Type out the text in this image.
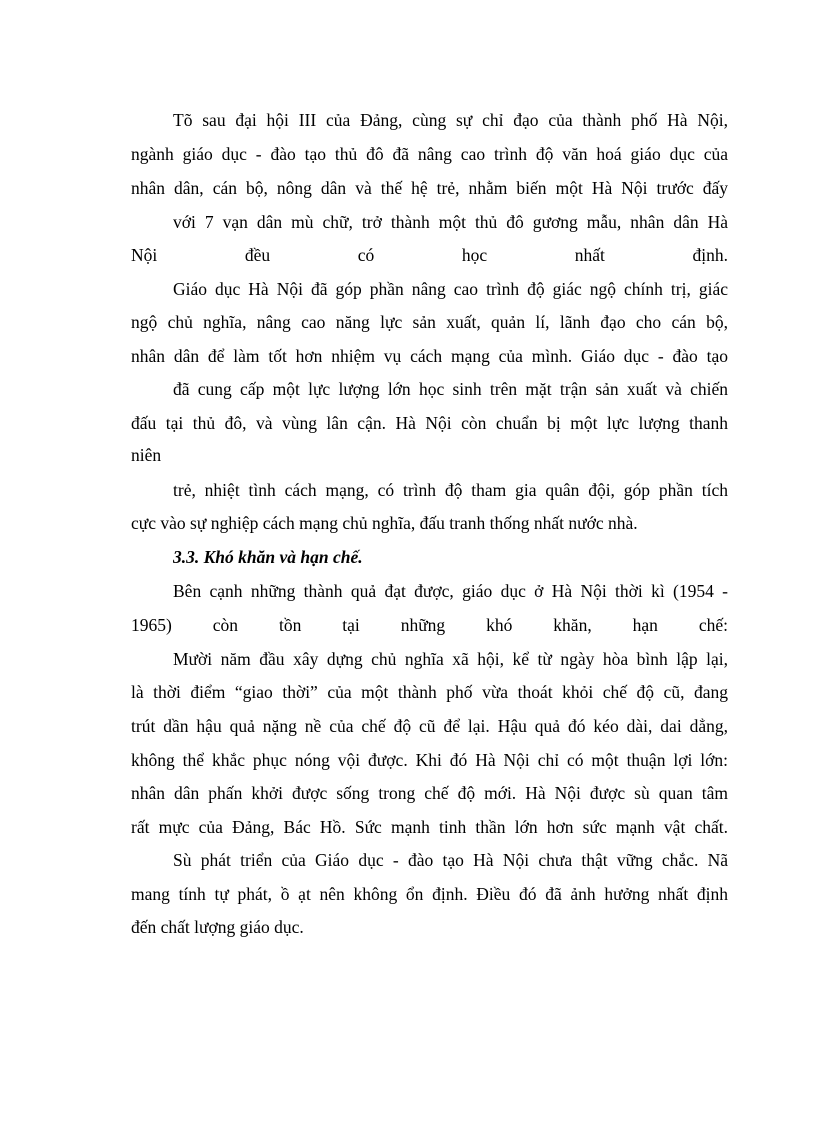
Tõ sau đại hội III của Đảng, cùng sự chỉ đạo của thành phố Hà Nội,
ngành giáo dục - đào tạo thủ đô đã nâng cao trình độ văn hoá giáo dục của
nhân dân, cán bộ, nông dân và thế hệ trẻ, nhằm biến một Hà Nội trước đấy
với 7 vạn dân mù chữ, trở thành một thủ đô gương mẫu, nhân dân Hà
Nội đều có học nhất định.
Giáo dục Hà Nội đã góp phần nâng cao trình độ giác ngộ chính trị, giác
ngộ chủ nghĩa, nâng cao năng lực sản xuất, quản lí, lãnh đạo cho cán bộ,
nhân dân để làm tốt hơn nhiệm vụ cách mạng của mình. Giáo dục - đào tạo
đã cung cấp một lực lượng lớn học sinh trên mặt trận sản xuất và chiến
đấu tại thủ đô, và vùng lân cận. Hà Nội còn chuẩn bị một lực lượng thanh
niên
trẻ, nhiệt tình cách mạng, có trình độ tham gia quân đội, góp phần tích
cực vào sự nghiệp cách mạng chủ nghĩa, đấu tranh thống nhất nước nhà.
3.3. Khó khăn và hạn chế.
Bên cạnh những thành quả đạt được, giáo dục ở Hà Nội thời kì (1954 -
1965) còn tồn tại những khó khăn, hạn chế:
Mười năm đầu xây dựng chủ nghĩa xã hội, kể từ ngày hòa bình lập lại,
là thời điểm “giao thời” của một thành phố vừa thoát khỏi chế độ cũ, đang
trút dần hậu quả nặng nề của chế độ cũ để lại. Hậu quả đó kéo dài, dai dẳng,
không thể khắc phục nóng vội được. Khi đó Hà Nội chỉ có một thuận lợi lớn:
nhân dân phấn khởi được sống trong chế độ mới. Hà Nội được sù quan tâm
rất mực của Đảng, Bác Hồ. Sức mạnh tinh thần lớn hơn sức mạnh vật chất.
Sù phát triển của Giáo dục - đào tạo Hà Nội chưa thật vững chắc. Nã
mang tính tự phát, ồ ạt nên không ổn định. Điều đó đã ảnh hưởng nhất định
đến chất lượng giáo dục.
